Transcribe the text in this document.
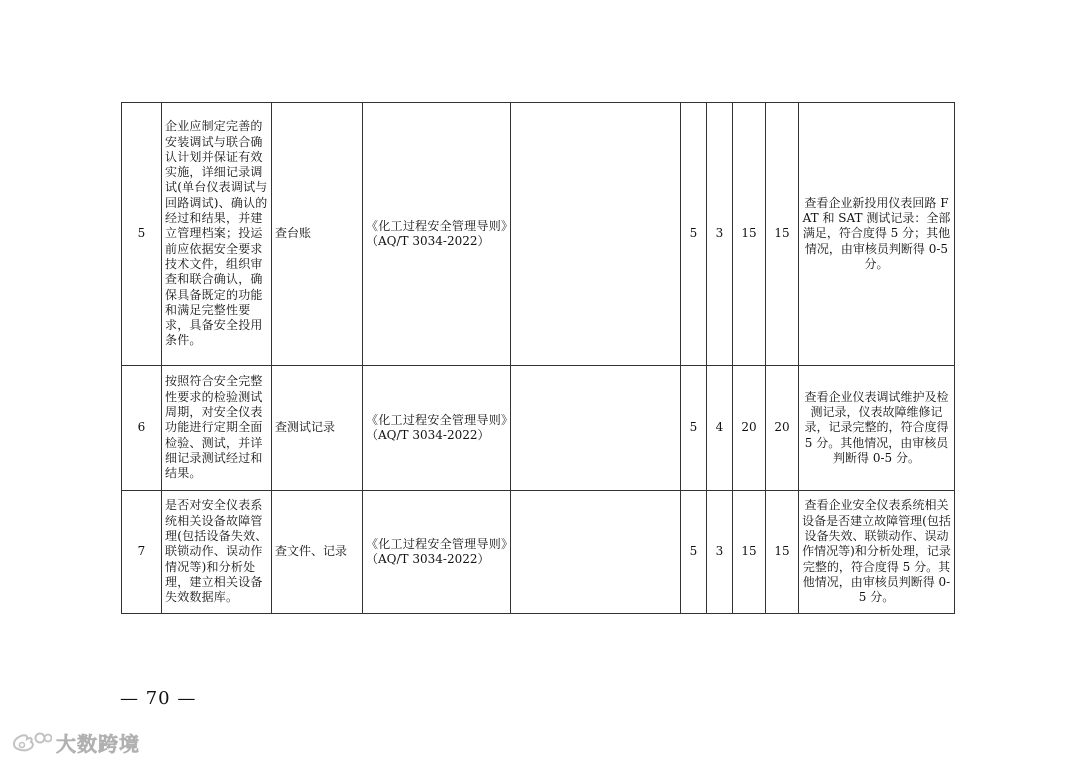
5	企业应制定完善的安装调试与联合确认计划并保证有效实施，详细记录调试(单台仪表调试与回路调试)、确认的经过和结果，并建立管理档案；投运前应依据安全要求技术文件，组织审查和联合确认，确保具备既定的功能和满足完整性要求，具备安全投用条件。	查台账	《化工过程安全管理导则》（AQ/T 3034-2022）		5	3	15	15	查看企业新投用仪表回路 FAT 和 SAT 测试记录：全部满足，符合度得 5 分；其他情况，由审核员判断得 0-5 分。
6	按照符合安全完整性要求的检验测试周期，对安全仪表功能进行定期全面检验、测试，并详细记录测试经过和结果。	查测试记录	《化工过程安全管理导则》（AQ/T 3034-2022）		5	4	20	20	查看企业仪表调试维护及检测记录，仪表故障维修记录，记录完整的，符合度得 5 分。其他情况，由审核员判断得 0-5 分。
7	是否对安全仪表系统相关设备故障管理(包括设备失效、联锁动作、误动作情况等)和分析处理，建立相关设备失效数据库。	查文件、记录	《化工过程安全管理导则》（AQ/T 3034-2022）		5	3	15	15	查看企业安全仪表系统相关设备是否建立故障管理(包括设备失效、联锁动作、误动作情况等)和分析处理，记录完整的，符合度得 5 分。其他情况，由审核员判断得 0-5 分。
— 70 —
大数跨境
